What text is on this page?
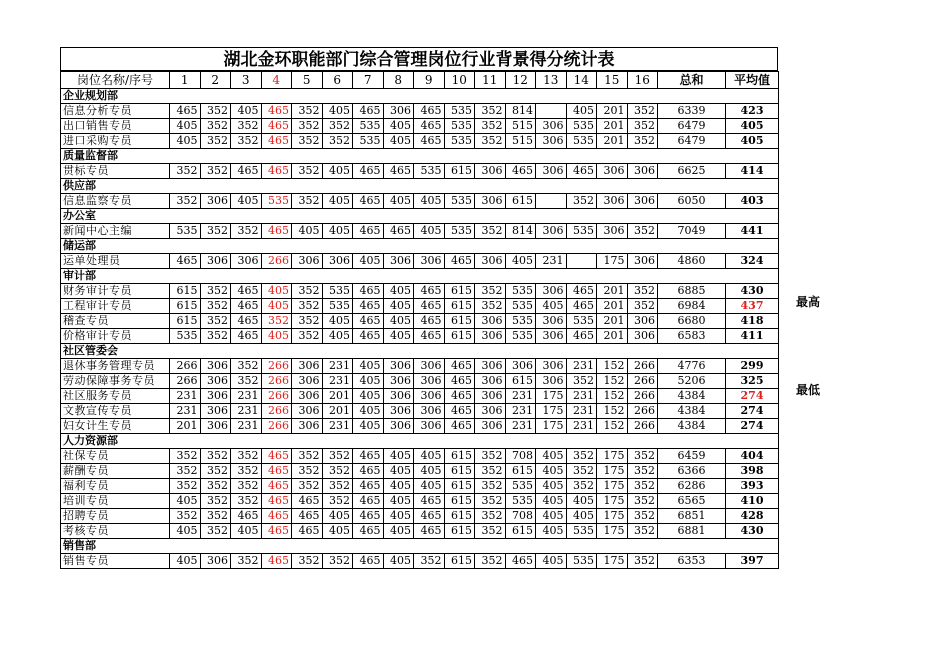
湖北金环职能部门综合管理岗位行业背景得分统计表
岗位名称/序号	1	2	3	4	5	6	7	8	9	10	11	12	13	14	15	16	总和	平均值
企业规划部																		
信息分析专员	465	352	405	465	352	405	465	306	465	535	352	814		405	201	352	6339	423
出口销售专员	405	352	352	465	352	352	535	405	465	535	352	515	306	535	201	352	6479	405
进口采购专员	405	352	352	465	352	352	535	405	465	535	352	515	306	535	201	352	6479	405
质量监督部																		
贯标专员	352	352	465	465	352	405	465	465	535	615	306	465	306	465	306	306	6625	414
供应部																		
信息监察专员	352	306	405	535	352	405	465	405	405	535	306	615		352	306	306	6050	403
办公室																		
新闻中心主编	535	352	352	465	405	405	465	465	405	535	352	814	306	535	306	352	7049	441
储运部																		
运单处理员	465	306	306	266	306	306	405	306	306	465	306	405	231		175	306	4860	324
审计部																		
财务审计专员	615	352	465	405	352	535	465	405	465	615	352	535	306	465	201	352	6885	430
工程审计专员	615	352	465	405	352	535	465	405	465	615	352	535	405	465	201	352	6984	437
稽查专员	615	352	465	352	352	405	465	405	465	615	306	535	306	535	201	306	6680	418
价格审计专员	535	352	465	405	352	405	465	405	465	615	306	535	306	465	201	306	6583	411
社区管委会																		
退休事务管理专员	266	306	352	266	306	231	405	306	306	465	306	306	306	231	152	266	4776	299
劳动保障事务专员	266	306	352	266	306	231	405	306	306	465	306	615	306	352	152	266	5206	325
社区服务专员	231	306	231	266	306	201	405	306	306	465	306	231	175	231	152	266	4384	274
文教宣传专员	231	306	231	266	306	201	405	306	306	465	306	231	175	231	152	266	4384	274
妇女计生专员	201	306	231	266	306	231	405	306	306	465	306	231	175	231	152	266	4384	274
人力资源部																		
社保专员	352	352	352	465	352	352	465	405	405	615	352	708	405	352	175	352	6459	404
薪酬专员	352	352	352	465	352	352	465	405	405	615	352	615	405	352	175	352	6366	398
福利专员	352	352	352	465	352	352	465	405	405	615	352	535	405	352	175	352	6286	393
培训专员	405	352	352	465	465	352	465	405	465	615	352	535	405	405	175	352	6565	410
招聘专员	352	352	465	465	465	405	465	405	465	615	352	708	405	405	175	352	6851	428
考核专员	405	352	405	465	465	405	465	405	465	615	352	615	405	535	175	352	6881	430
销售部																		
销售专员	405	306	352	465	352	352	465	405	352	615	352	465	405	535	175	352	6353	397
最高
最低
